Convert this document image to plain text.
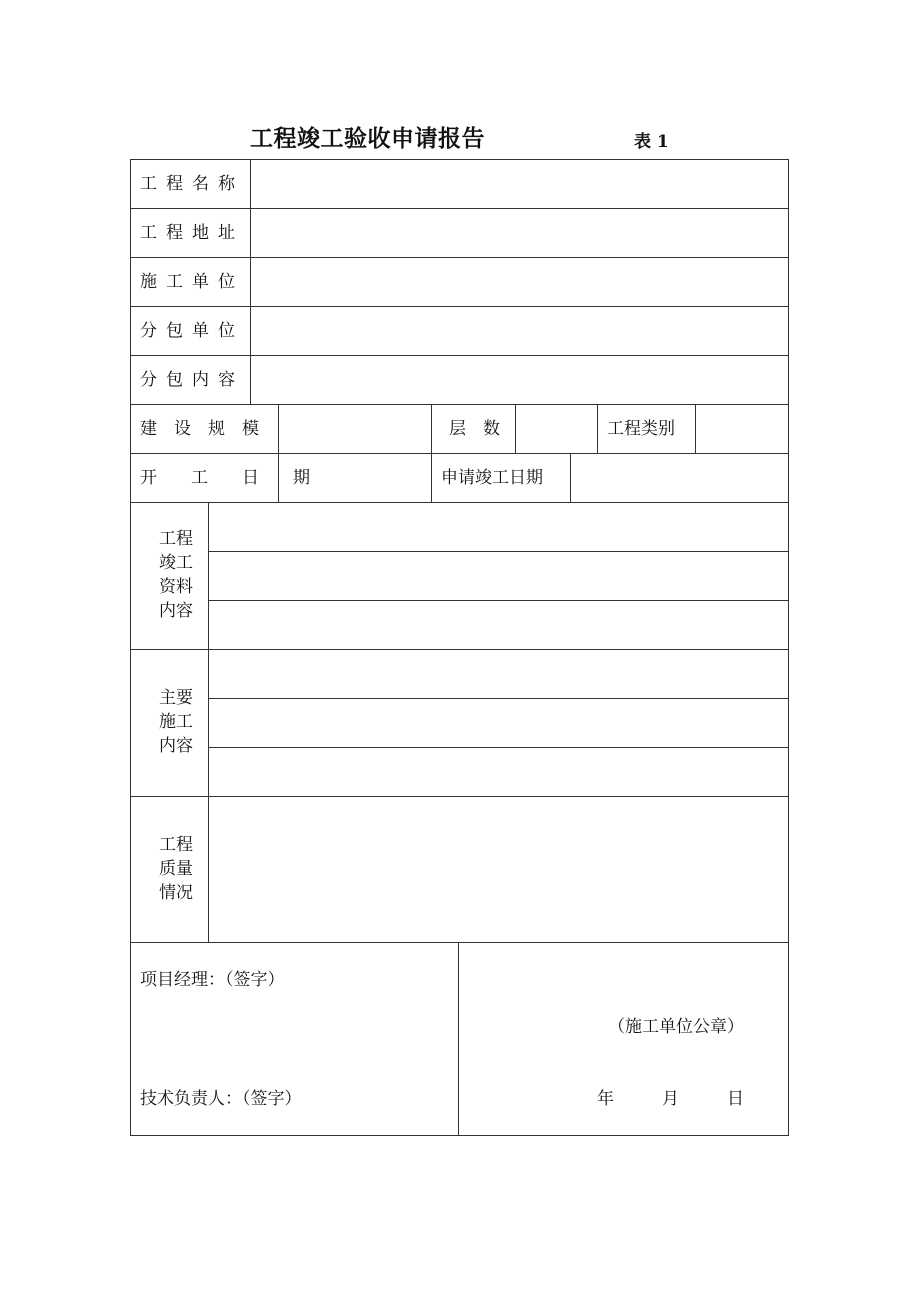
工程竣工验收申请报告	表 1
工程名称
工程地址
施工单位
分包单位
分包内容
建　设　规　模	层　数	工程类别
开　　工　　日　　期	申请竣工日期
工程
竣工
资料
内容
主要
施工
内容
工程
质量
情况
项目经理：（签字）
技术负责人：（签字）
（施工单位公章）
年	月	日
